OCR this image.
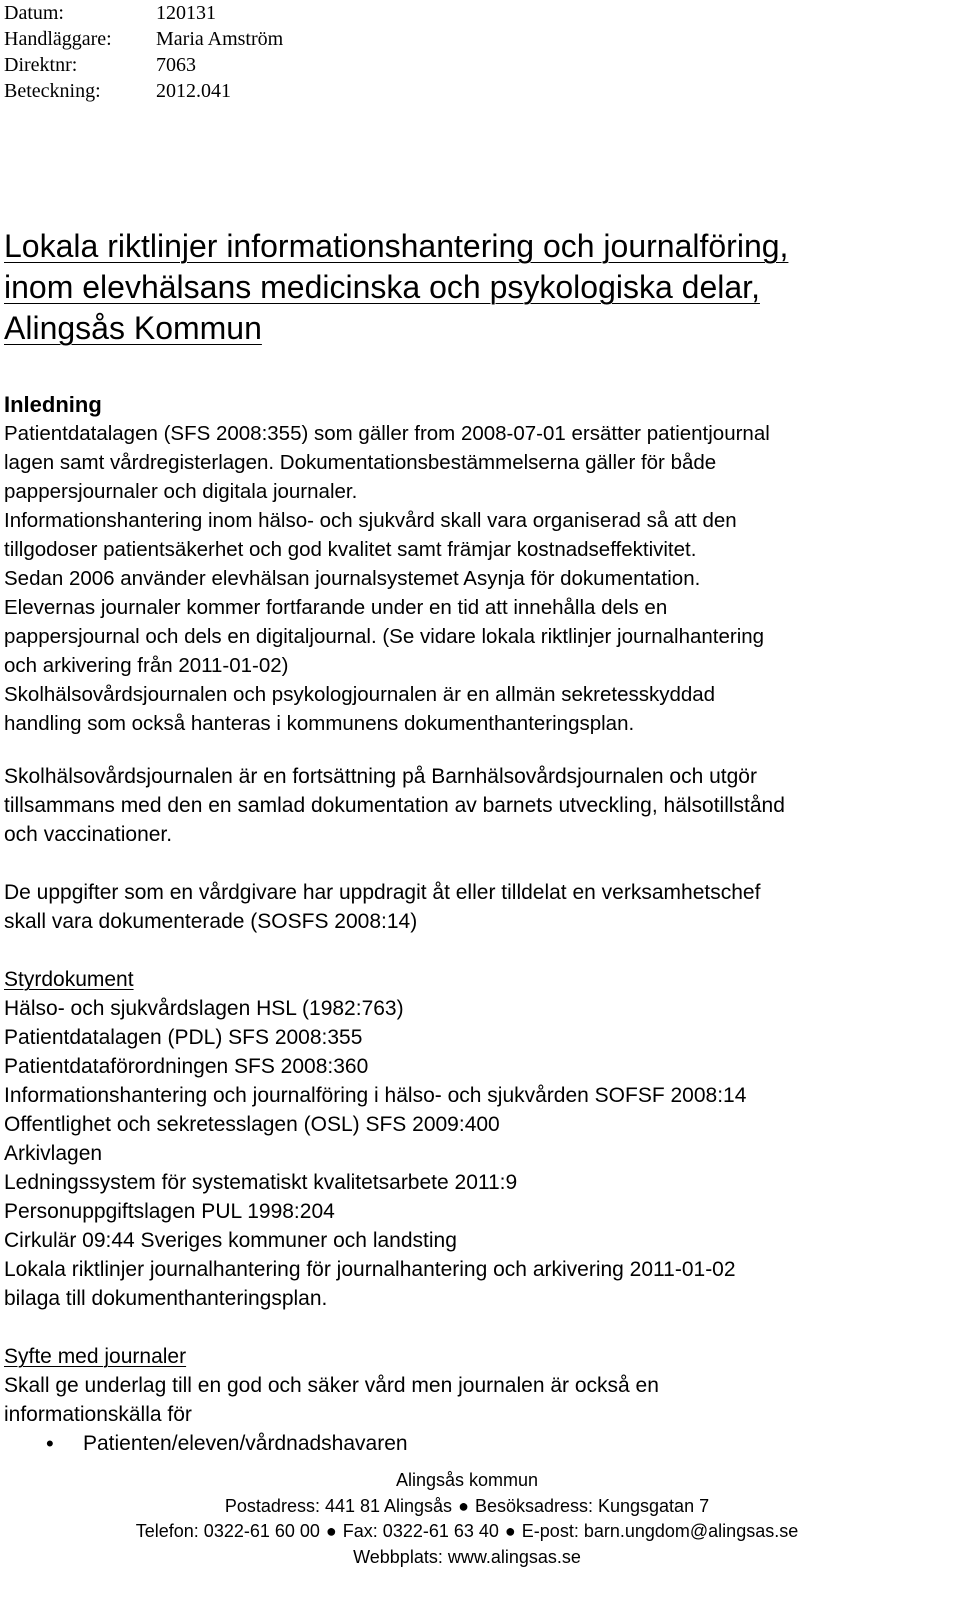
Datum:	120131
Handläggare:	Maria Amström
Direktnr:	7063
Beteckning:	2012.041
Lokala riktlinjer informationshantering och journalföring,
inom elevhälsans medicinska och psykologiska delar,
Alingsås Kommun
Inledning

Patientdatalagen (SFS 2008:355) som gäller from 2008-07-01 ersätter patientjournal

lagen samt vårdregisterlagen. Dokumentationsbestämmelserna gäller för både

pappersjournaler och digitala journaler.

Informationshantering inom hälso- och sjukvård skall vara organiserad så att den

tillgodoser patientsäkerhet och god kvalitet samt främjar kostnadseffektivitet.

Sedan 2006 använder elevhälsan journalsystemet Asynja för dokumentation.

Elevernas journaler kommer fortfarande under en tid att innehålla dels en

pappersjournal och dels en digitaljournal. (Se vidare lokala riktlinjer journalhantering

och arkivering från 2011-01-02)

Skolhälsovårdsjournalen och psykologjournalen är en allmän sekretesskyddad

handling som också hanteras i kommunens dokumenthanteringsplan.

Skolhälsovårdsjournalen är en fortsättning på Barnhälsovårdsjournalen och utgör

tillsammans med den en samlad dokumentation av barnets utveckling, hälsotillstånd

och vaccinationer.

De uppgifter som en vårdgivare har uppdragit åt eller tilldelat en verksamhetschef

skall vara dokumenterade (SOSFS 2008:14)

Styrdokument

Hälso- och sjukvårdslagen HSL (1982:763)

Patientdatalagen (PDL) SFS 2008:355

Patientdataförordningen SFS 2008:360

Informationshantering och journalföring i hälso- och sjukvården SOFSF 2008:14

Offentlighet och sekretesslagen (OSL) SFS 2009:400

Arkivlagen

Ledningssystem för systematiskt kvalitetsarbete 2011:9

Personuppgiftslagen PUL 1998:204

Cirkulär 09:44 Sveriges kommuner och landsting

Lokala riktlinjer journalhantering för journalhantering och arkivering 2011-01-02

bilaga till dokumenthanteringsplan.

Syfte med journaler

Skall ge underlag till en god och säker vård men journalen är också en

informationskälla för

• Patienten/eleven/vårdnadshavaren
Alingsås kommun
Postadress: 441 81 Alingsås ● Besöksadress: Kungsgatan 7
Telefon: 0322-61 60 00 ● Fax: 0322-61 63 40 ● E-post: barn.ungdom@alingsas.se
Webbplats: www.alingsas.se
